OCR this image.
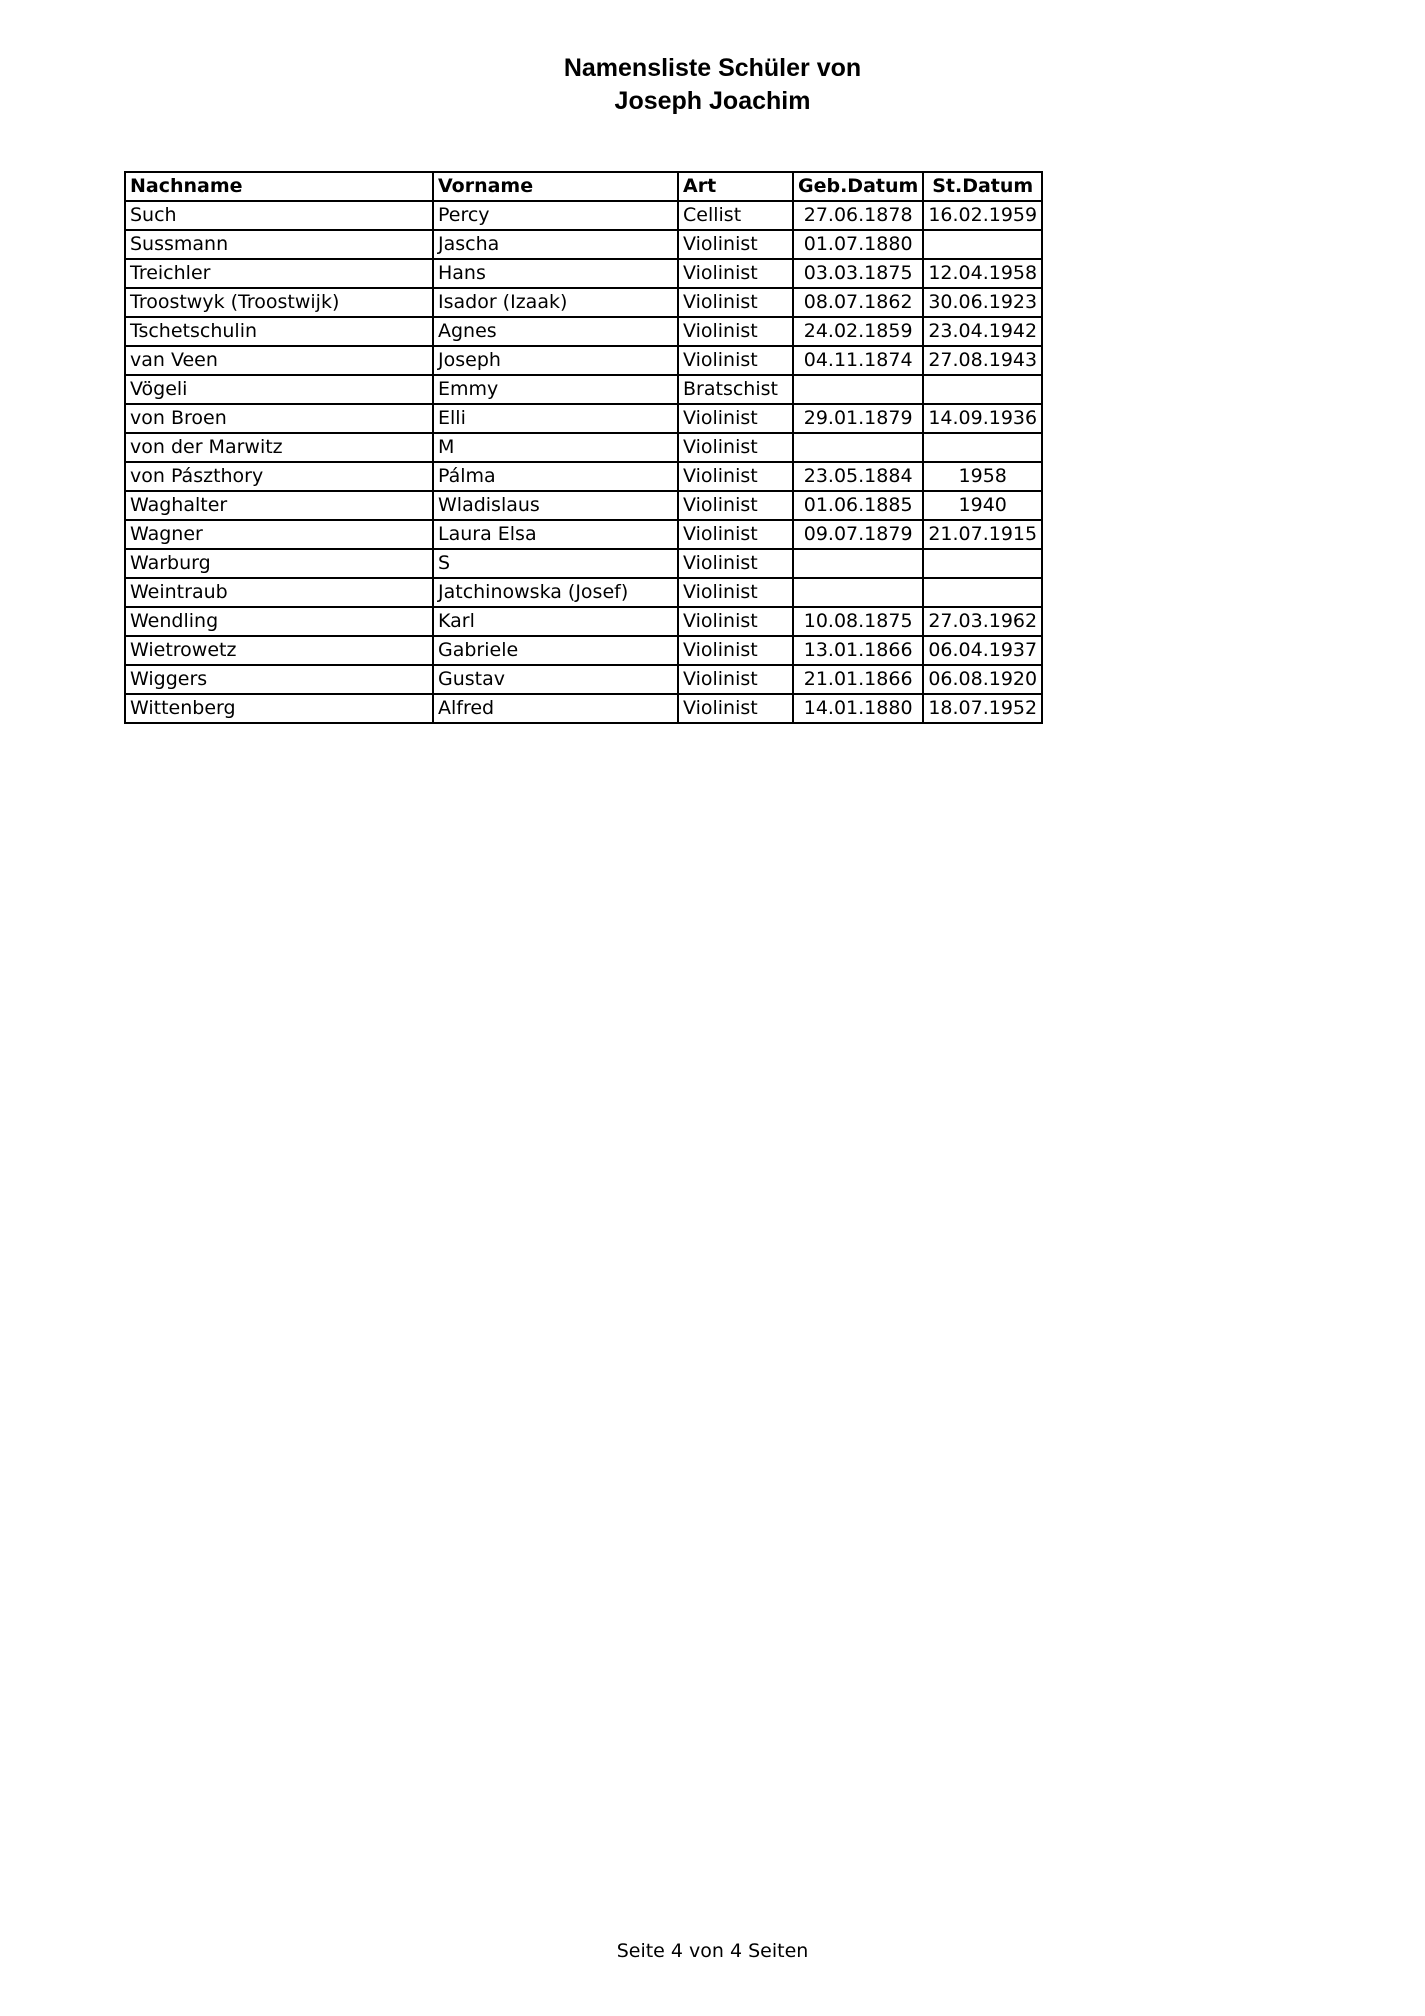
Namensliste Schüler von
Joseph Joachim
Nachname	Vorname	Art	Geb.Datum	St.Datum
Such	Percy	Cellist	27.06.1878	16.02.1959
Sussmann	Jascha	Violinist	01.07.1880	
Treichler	Hans	Violinist	03.03.1875	12.04.1958
Troostwyk (Troostwijk)	Isador (Izaak)	Violinist	08.07.1862	30.06.1923
Tschetschulin	Agnes	Violinist	24.02.1859	23.04.1942
van Veen	Joseph	Violinist	04.11.1874	27.08.1943
Vögeli	Emmy	Bratschist		
von Broen	Elli	Violinist	29.01.1879	14.09.1936
von der Marwitz	M	Violinist		
von Pászthory	Pálma	Violinist	23.05.1884	1958
Waghalter	Wladislaus	Violinist	01.06.1885	1940
Wagner	Laura Elsa	Violinist	09.07.1879	21.07.1915
Warburg	S	Violinist		
Weintraub	Jatchinowska (Josef)	Violinist		
Wendling	Karl	Violinist	10.08.1875	27.03.1962
Wietrowetz	Gabriele	Violinist	13.01.1866	06.04.1937
Wiggers	Gustav	Violinist	21.01.1866	06.08.1920
Wittenberg	Alfred	Violinist	14.01.1880	18.07.1952
Seite 4 von 4 Seiten
